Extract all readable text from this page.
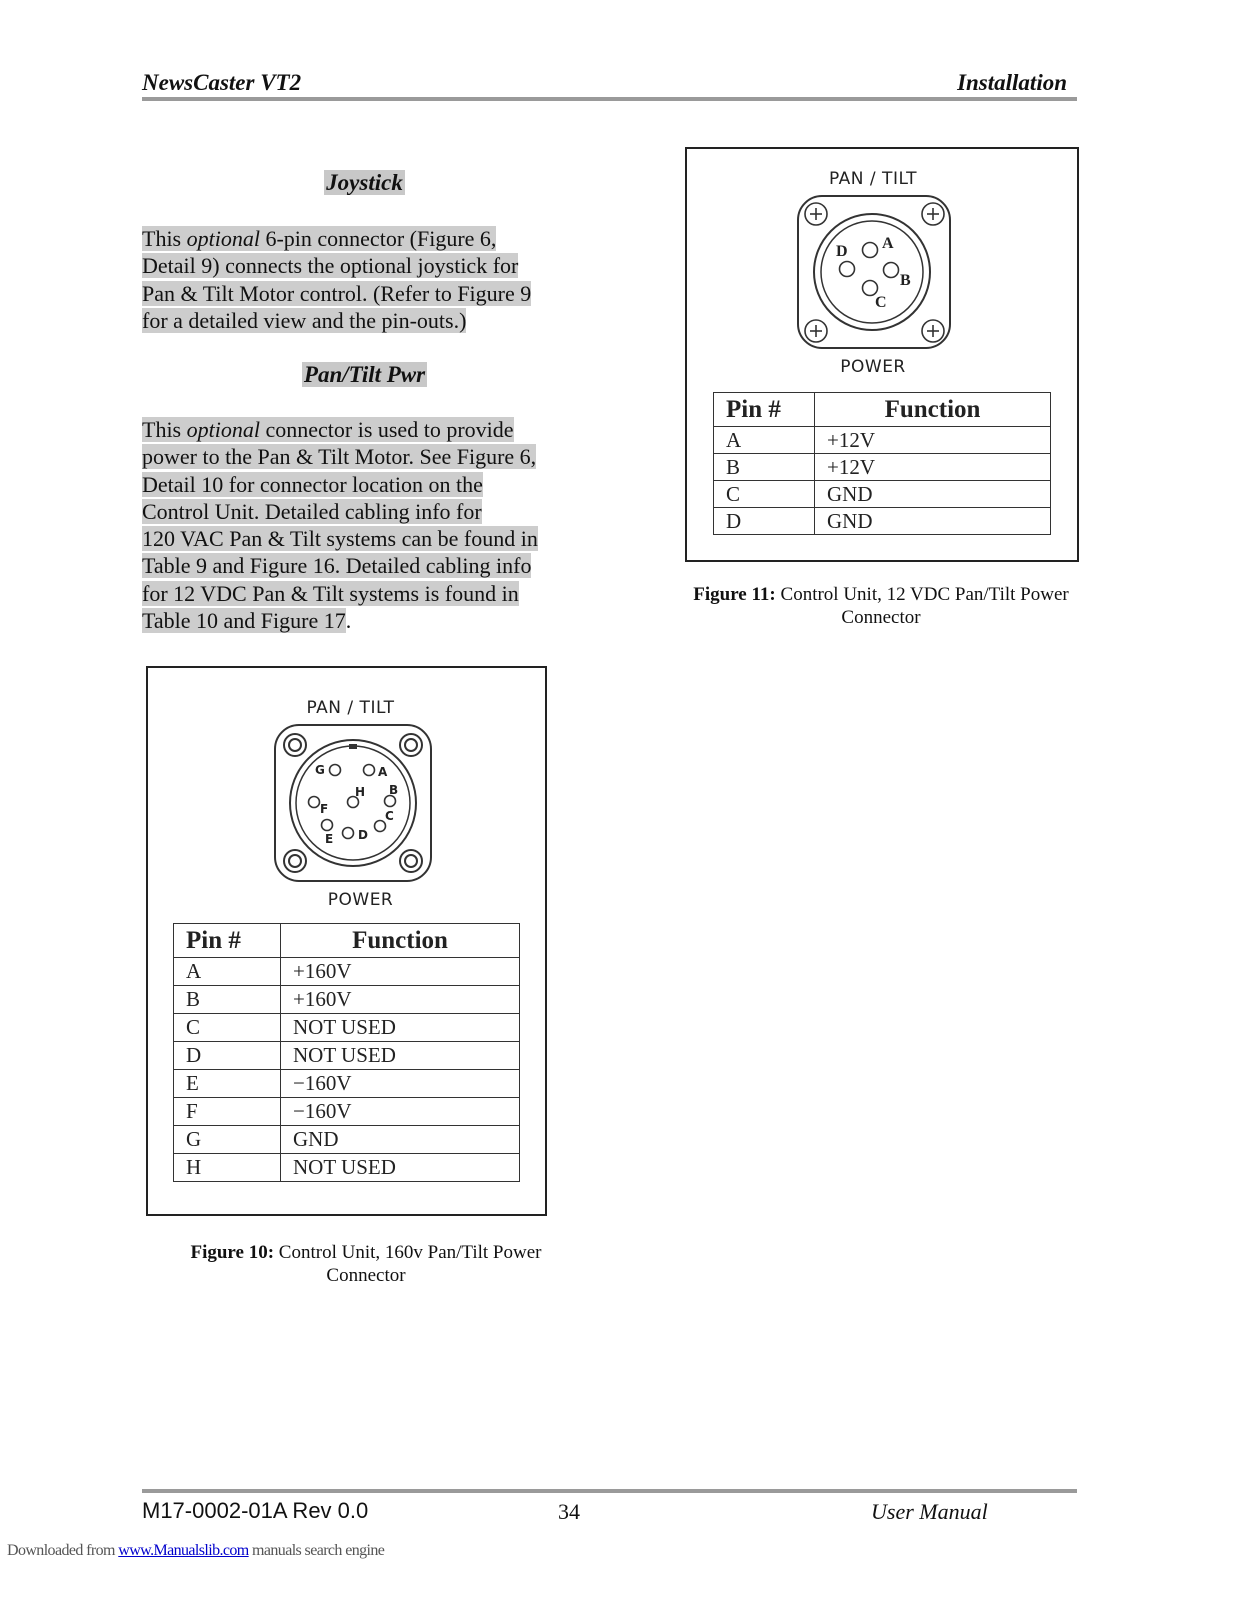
NewsCaster VT2	Installation
Joystick
This optional 6-pin connector (Figure 6,
Detail 9) connects the optional joystick for
Pan & Tilt Motor control. (Refer to Figure 9
for a detailed view and the pin-outs.)
Pan/Tilt Pwr
This optional connector is used to provide
power to the Pan & Tilt Motor. See Figure 6,
Detail 10 for connector location on the
Control Unit. Detailed cabling info for
120 VAC Pan & Tilt systems can be found in
Table 9 and Figure 16. Detailed cabling info
for 12 VDC Pan & Tilt systems is found in
Table 10 and Figure 17.
PAN / TILT
G	A
H B
F	C
E D
POWER
Pin #	Function
A	+160V
B	+160V
C	NOT USED
D	NOT USED
E	−160V
F	−160V
G	GND
H	NOT USED
Figure 10: Control Unit, 160v Pan/Tilt Power
Connector
PAN / TILT
D A
B
C
POWER
Pin #	Function
A	+12V
B	+12V
C	GND
D	GND
Figure 11: Control Unit, 12 VDC Pan/Tilt Power
Connector
M17-0002-01A Rev 0.0	34	User Manual
Downloaded from www.Manualslib.com manuals search engine
